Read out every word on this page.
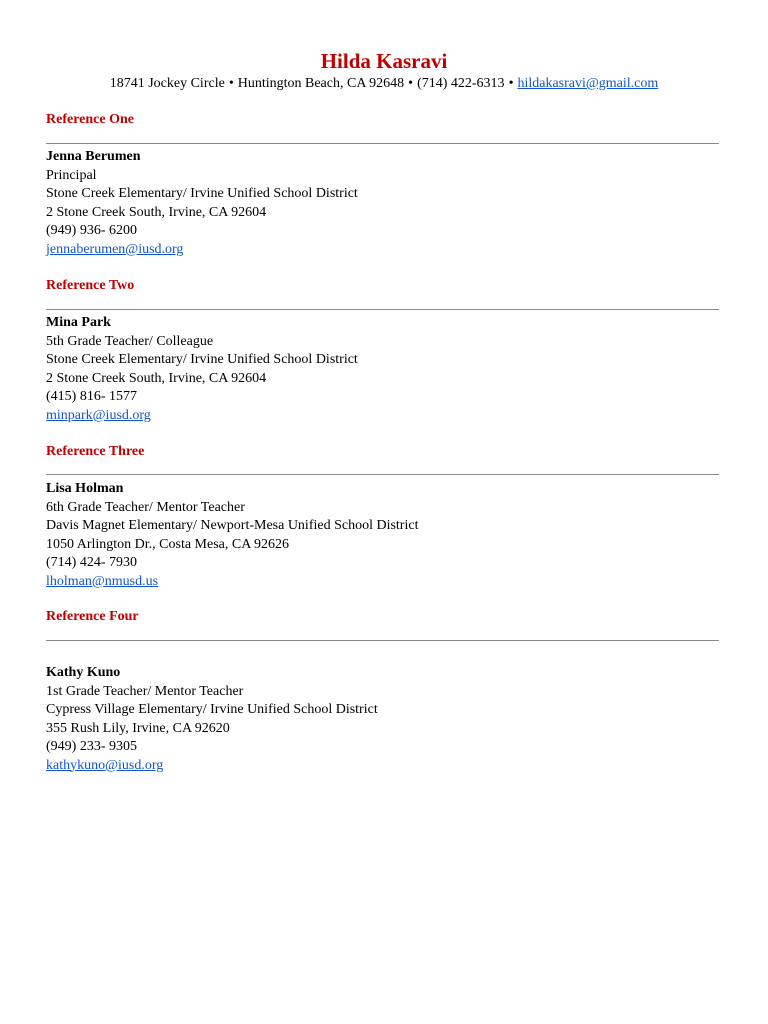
Hilda Kasravi
18741 Jockey Circle • Huntington Beach, CA 92648 • (714) 422-6313 • hildakasravi@gmail.com
Reference One
Jenna Berumen
Principal
Stone Creek Elementary/ Irvine Unified School District
2 Stone Creek South, Irvine, CA 92604
(949) 936- 6200
jennaberumen@iusd.org
Reference Two
Mina Park
5th Grade Teacher/ Colleague
Stone Creek Elementary/ Irvine Unified School District
2 Stone Creek South, Irvine, CA 92604
(415) 816- 1577
minpark@iusd.org
Reference Three
Lisa Holman
6th Grade Teacher/ Mentor Teacher
Davis Magnet Elementary/ Newport-Mesa Unified School District
1050 Arlington Dr., Costa Mesa, CA 92626
(714) 424- 7930
lholman@nmusd.us
Reference Four
Kathy Kuno
1st Grade Teacher/ Mentor Teacher
Cypress Village Elementary/ Irvine Unified School District
355 Rush Lily, Irvine, CA 92620
(949) 233- 9305
kathykuno@iusd.org
